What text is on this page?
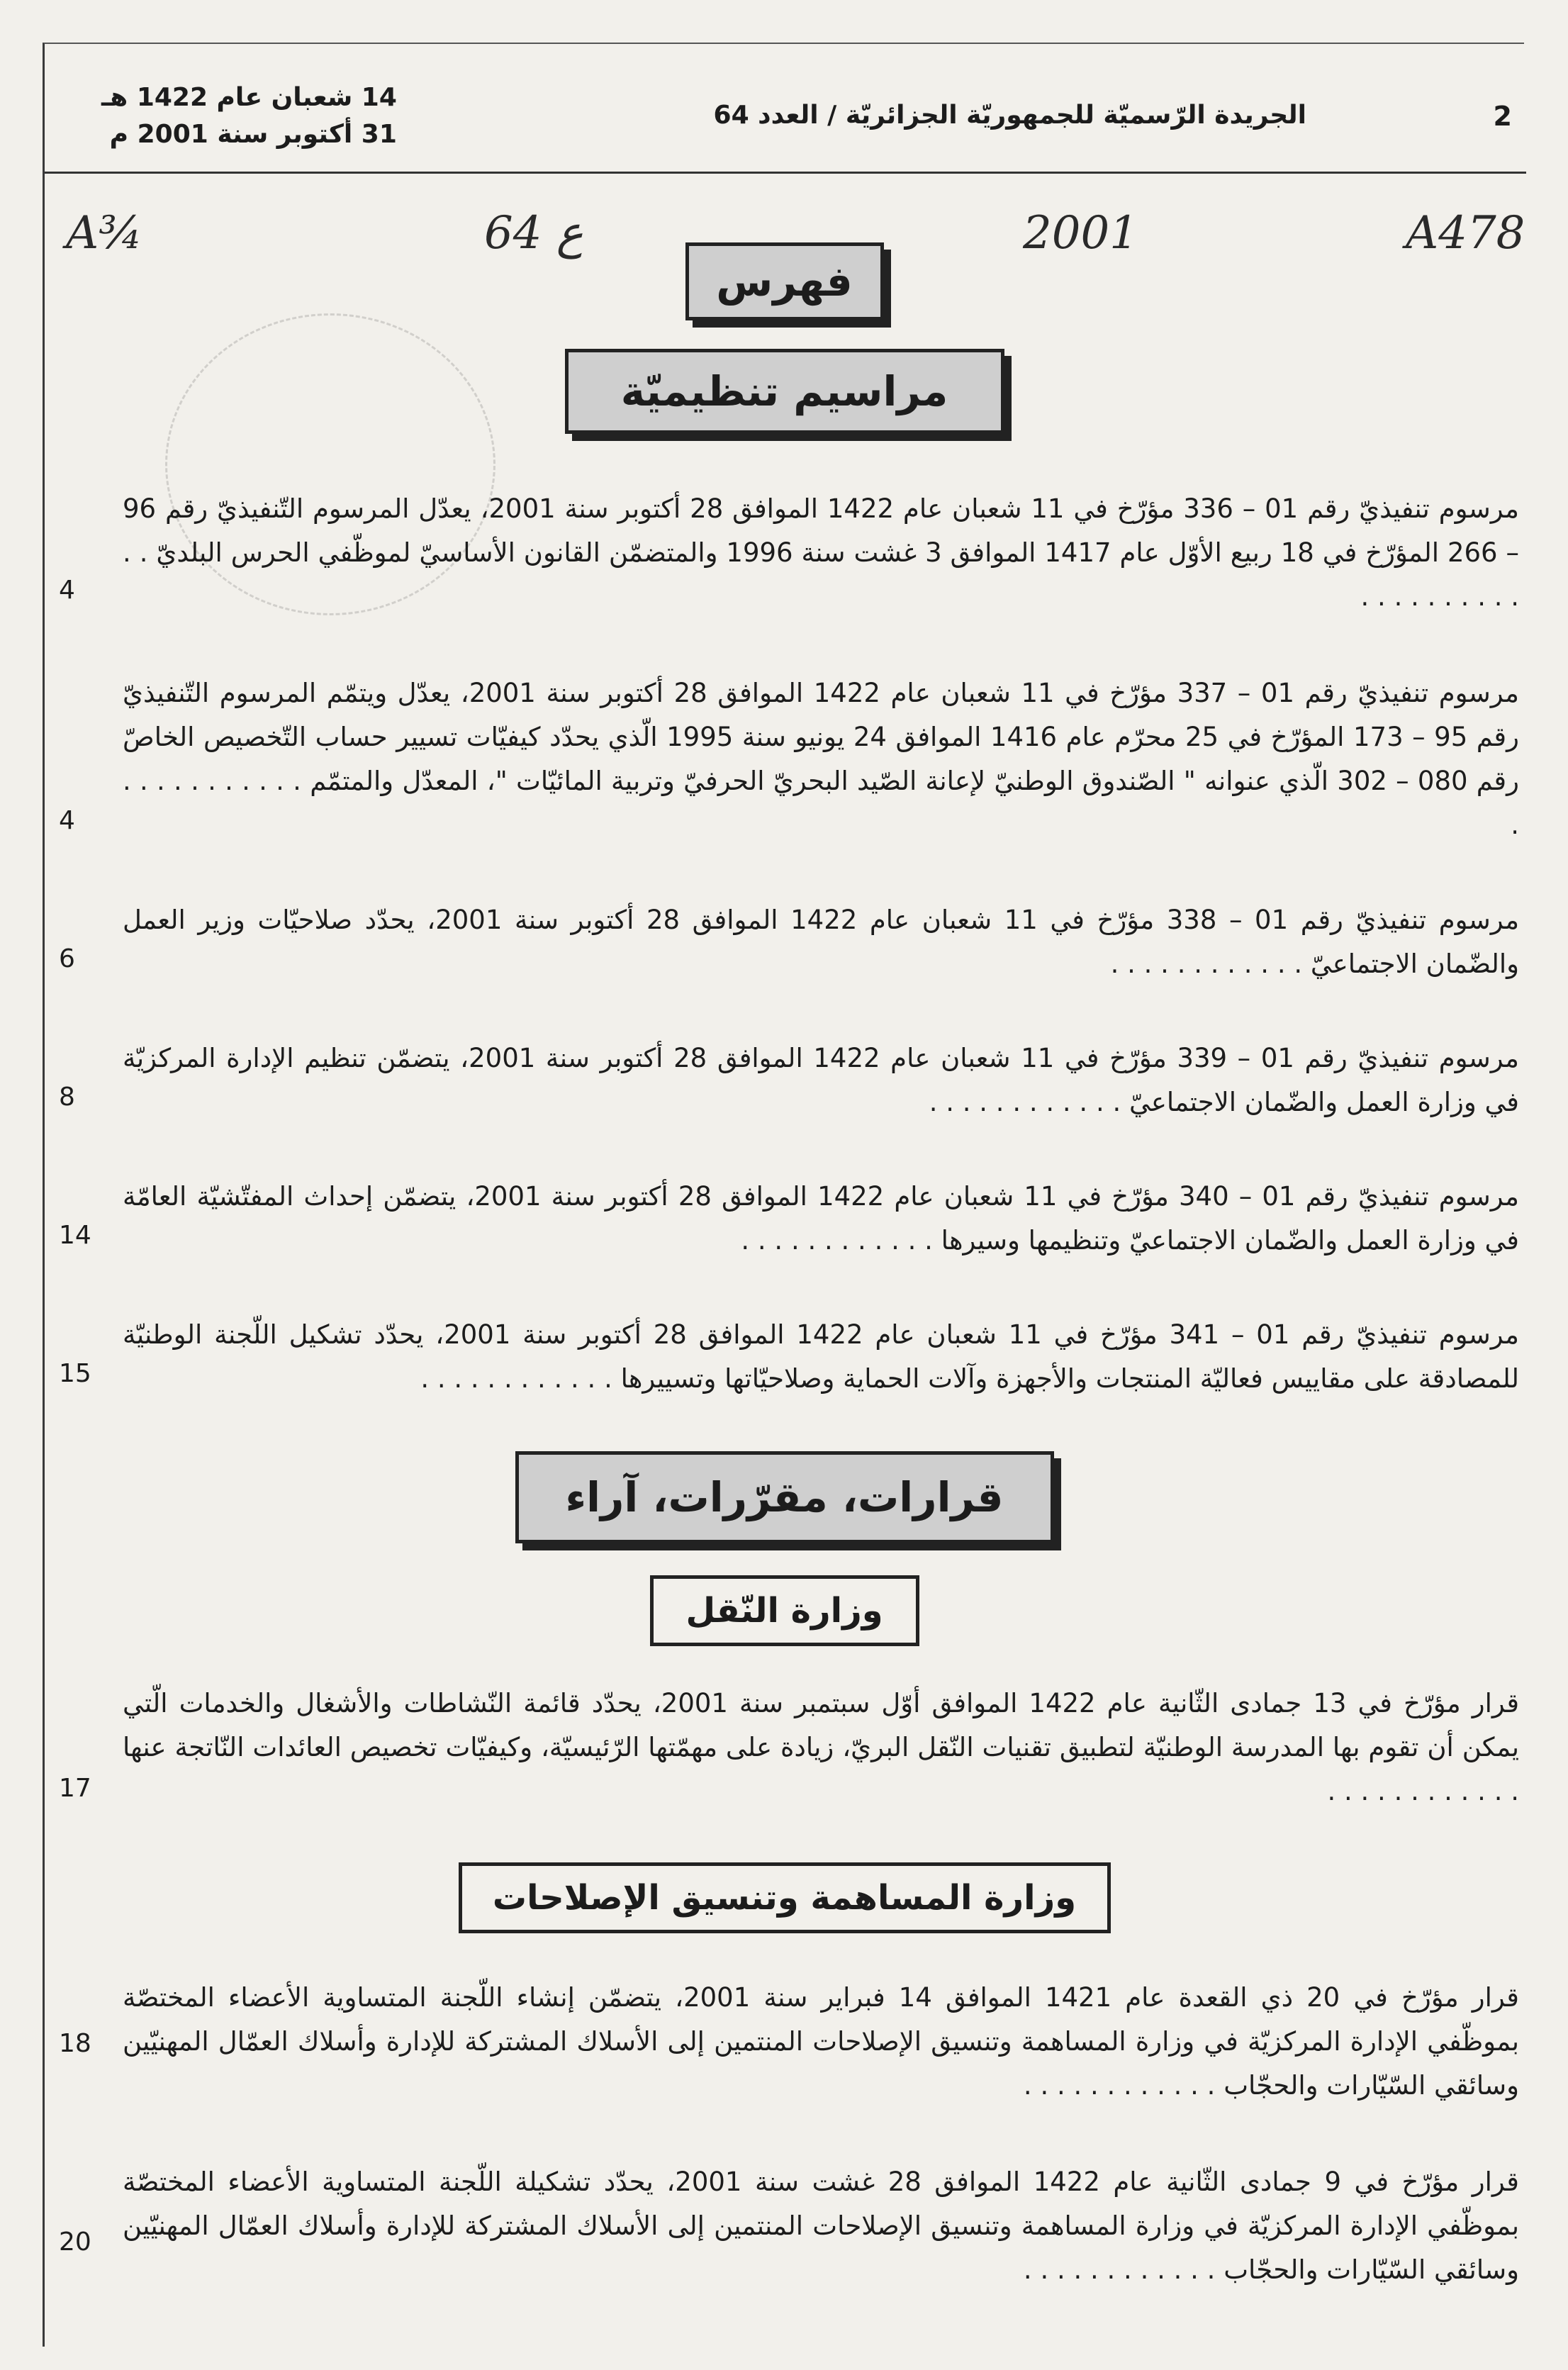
2
الجريدة الرّسميّة للجمهوريّة الجزائريّة / العدد 64
14 شعبان عام 1422 هـ
31 أكتوبر سنة 2001 م
A¾	64 ع	2001	A478
فهرس
مراسيم تنظيميّة
مرسوم تنفيذيّ رقم 01 – 336 مؤرّخ في 11 شعبان عام 1422 الموافق 28 أكتوبر سنة 2001، يعدّل المرسوم التّنفيذيّ رقم 96 – 266 المؤرّخ في 18 ربيع الأوّل عام 1417 الموافق 3 غشت سنة 1996 والمتضمّن القانون الأساسيّ لموظّفي الحرس البلديّ . . . . . . . . . . . .
4
مرسوم تنفيذيّ رقم 01 – 337 مؤرّخ في 11 شعبان عام 1422 الموافق 28 أكتوبر سنة 2001، يعدّل ويتمّم المرسوم التّنفيذيّ رقم 95 – 173 المؤرّخ في 25 محرّم عام 1416 الموافق 24 يونيو سنة 1995 الّذي يحدّد كيفيّات تسيير حساب التّخصيص الخاصّ رقم 080 – 302 الّذي عنوانه " الصّندوق الوطنيّ لإعانة الصّيد البحريّ الحرفيّ وتربية المائيّات "، المعدّل والمتمّم . . . . . . . . . . . .
4
مرسوم تنفيذيّ رقم 01 – 338 مؤرّخ في 11 شعبان عام 1422 الموافق 28 أكتوبر سنة 2001، يحدّد صلاحيّات وزير العمل والضّمان الاجتماعيّ . . . . . . . . . . . .
6
مرسوم تنفيذيّ رقم 01 – 339 مؤرّخ في 11 شعبان عام 1422 الموافق 28 أكتوبر سنة 2001، يتضمّن تنظيم الإدارة المركزيّة في وزارة العمل والضّمان الاجتماعيّ . . . . . . . . . . . .
8
مرسوم تنفيذيّ رقم 01 – 340 مؤرّخ في 11 شعبان عام 1422 الموافق 28 أكتوبر سنة 2001، يتضمّن إحداث المفتّشيّة العامّة في وزارة العمل والضّمان الاجتماعيّ وتنظيمها وسيرها . . . . . . . . . . . .
14
مرسوم تنفيذيّ رقم 01 – 341 مؤرّخ في 11 شعبان عام 1422 الموافق 28 أكتوبر سنة 2001، يحدّد تشكيل اللّجنة الوطنيّة للمصادقة على مقاييس فعاليّة المنتجات والأجهزة وآلات الحماية وصلاحيّاتها وتسييرها . . . . . . . . . . . .
15
قرارات، مقرّرات، آراء
وزارة النّقل
قرار مؤرّخ في 13 جمادى الثّانية عام 1422 الموافق أوّل سبتمبر سنة 2001، يحدّد قائمة النّشاطات والأشغال والخدمات الّتي يمكن أن تقوم بها المدرسة الوطنيّة لتطبيق تقنيات النّقل البريّ، زيادة على مهمّتها الرّئيسيّة، وكيفيّات تخصيص العائدات النّاتجة عنها . . . . . . . . . . . .
17
وزارة المساهمة وتنسيق الإصلاحات
قرار مؤرّخ في 20 ذي القعدة عام 1421 الموافق 14 فبراير سنة 2001، يتضمّن إنشاء اللّجنة المتساوية الأعضاء المختصّة بموظّفي الإدارة المركزيّة في وزارة المساهمة وتنسيق الإصلاحات المنتمين إلى الأسلاك المشتركة للإدارة وأسلاك العمّال المهنيّين وسائقي السّيّارات والحجّاب . . . . . . . . . . . .
18
قرار مؤرّخ في 9 جمادى الثّانية عام 1422 الموافق 28 غشت سنة 2001، يحدّد تشكيلة اللّجنة المتساوية الأعضاء المختصّة بموظّفي الإدارة المركزيّة في وزارة المساهمة وتنسيق الإصلاحات المنتمين إلى الأسلاك المشتركة للإدارة وأسلاك العمّال المهنيّين وسائقي السّيّارات والحجّاب . . . . . . . . . . . .
20
